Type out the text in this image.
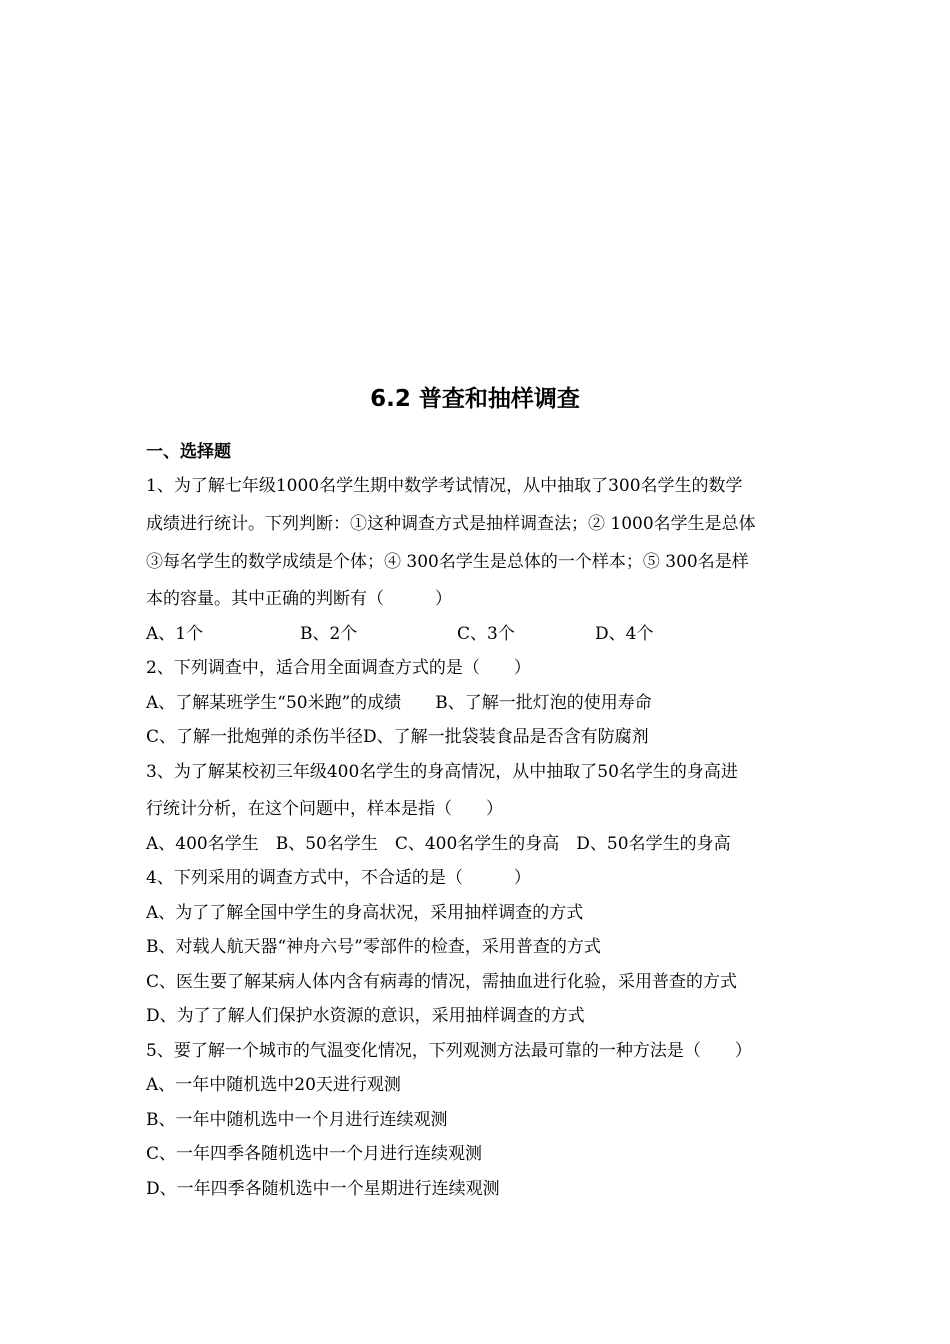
6.2 普查和抽样调查
一、选择题
1、为了解七年级1000名学生期中数学考试情况，从中抽取了300名学生的数学
成绩进行统计。下列判断：①这种调查方式是抽样调查法；② 1000名学生是总体
③每名学生的数学成绩是个体；④ 300名学生是总体的一个样本；⑤ 300名是样
本的容量。其中正确的判断有（　　　）
A、1个	B、2个	C、3个	D、4个
2、下列调查中，适合用全面调查方式的是（　　）
A、了解某班学生“50米跑”的成绩　　B、了解一批灯泡的使用寿命
C、了解一批炮弹的杀伤半径D、了解一批袋装食品是否含有防腐剂
3、为了解某校初三年级400名学生的身高情况，从中抽取了50名学生的身高进
行统计分析，在这个问题中，样本是指（　　）
A、400名学生　B、50名学生　C、400名学生的身高　D、50名学生的身高
4、下列采用的调查方式中，不合适的是（　　　）
A、为了了解全国中学生的身高状况，采用抽样调查的方式
B、对载人航天器“神舟六号”零部件的检查，采用普查的方式
C、医生要了解某病人体内含有病毒的情况，需抽血进行化验，采用普查的方式
D、为了了解人们保护水资源的意识，采用抽样调查的方式
5、要了解一个城市的气温变化情况，下列观测方法最可靠的一种方法是（　　）
A、一年中随机选中20天进行观测
B、一年中随机选中一个月进行连续观测
C、一年四季各随机选中一个月进行连续观测
D、一年四季各随机选中一个星期进行连续观测
